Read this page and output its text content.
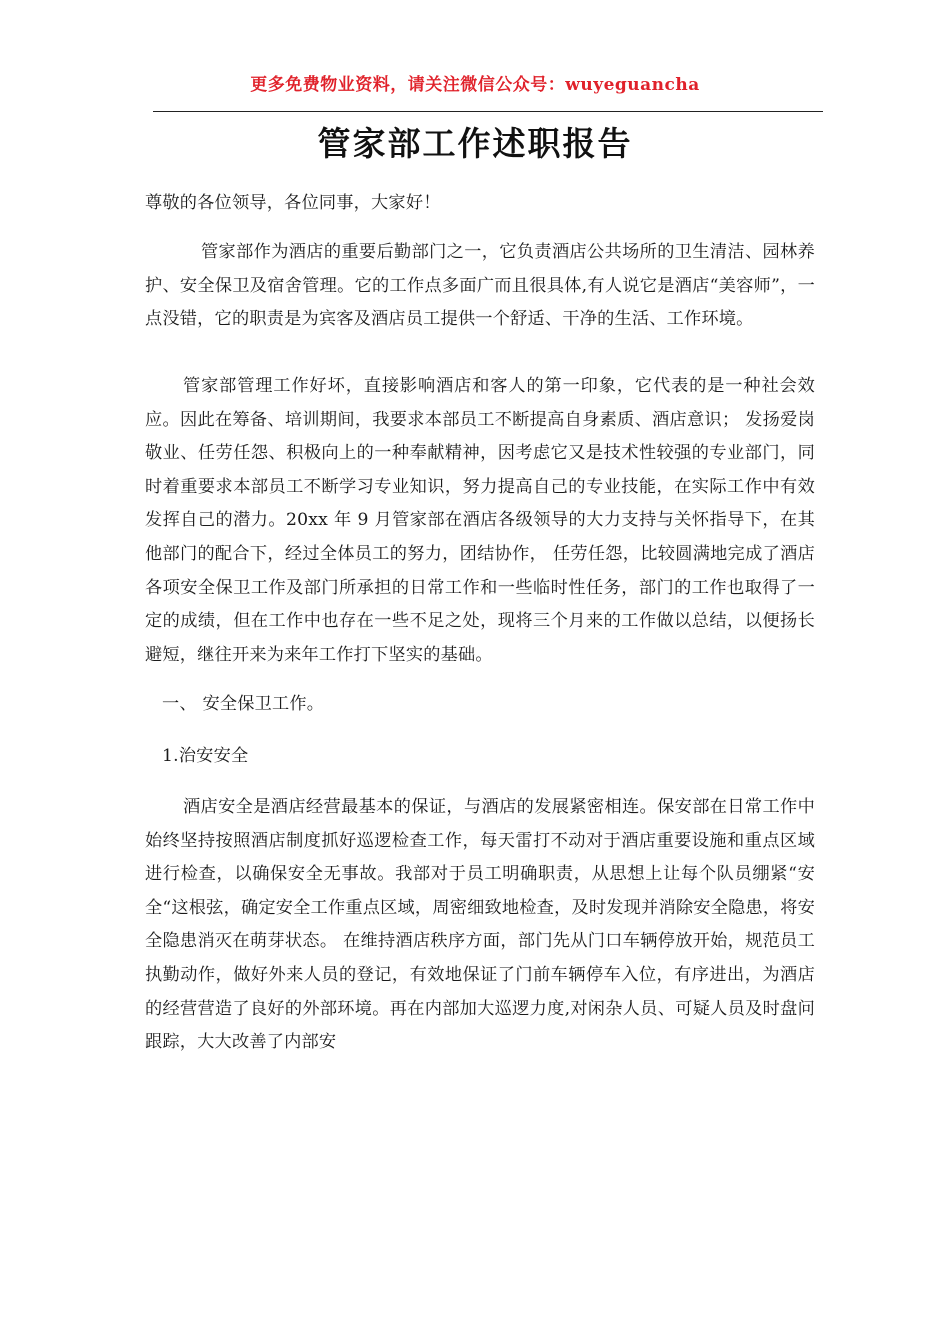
更多免费物业资料，请关注微信公众号：wuyeguancha
管家部工作述职报告
尊敬的各位领导，各位同事，大家好！
管家部作为酒店的重要后勤部门之一，它负责酒店公共场所的卫生清洁、园林养护、安全保卫及宿舍管理。它的工作点多面广而且很具体,有人说它是酒店“美容师”，一点没错，它的职责是为宾客及酒店员工提供一个舒适、干净的生活、工作环境。
管家部管理工作好坏，直接影响酒店和客人的第一印象，它代表的是一种社会效应。因此在筹备、培训期间，我要求本部员工不断提高自身素质、酒店意识； 发扬爱岗敬业、任劳任怨、积极向上的一种奉献精神，因考虑它又是技术性较强的专业部门，同时着重要求本部员工不断学习专业知识，努力提高自己的专业技能，在实际工作中有效发挥自己的潜力。20xx 年 9 月管家部在酒店各级领导的大力支持与关怀指导下，在其他部门的配合下，经过全体员工的努力，团结协作， 任劳任怨，比较圆满地完成了酒店各项安全保卫工作及部门所承担的日常工作和一些临时性任务，部门的工作也取得了一定的成绩，但在工作中也存在一些不足之处，现将三个月来的工作做以总结，以便扬长避短，继往开来为来年工作打下坚实的基础。
一、 安全保卫工作。
1.治安安全
酒店安全是酒店经营最基本的保证，与酒店的发展紧密相连。保安部在日常工作中始终坚持按照酒店制度抓好巡逻检查工作，每天雷打不动对于酒店重要设施和重点区域进行检查，以确保安全无事故。我部对于员工明确职责，从思想上让每个队员绷紧“安全“这根弦，确定安全工作重点区域，周密细致地检查，及时发现并消除安全隐患，将安全隐患消灭在萌芽状态。 在维持酒店秩序方面，部门先从门口车辆停放开始，规范员工执勤动作，做好外来人员的登记，有效地保证了门前车辆停车入位，有序进出，为酒店的经营营造了良好的外部环境。再在内部加大巡逻力度,对闲杂人员、可疑人员及时盘问跟踪，大大改善了内部安
